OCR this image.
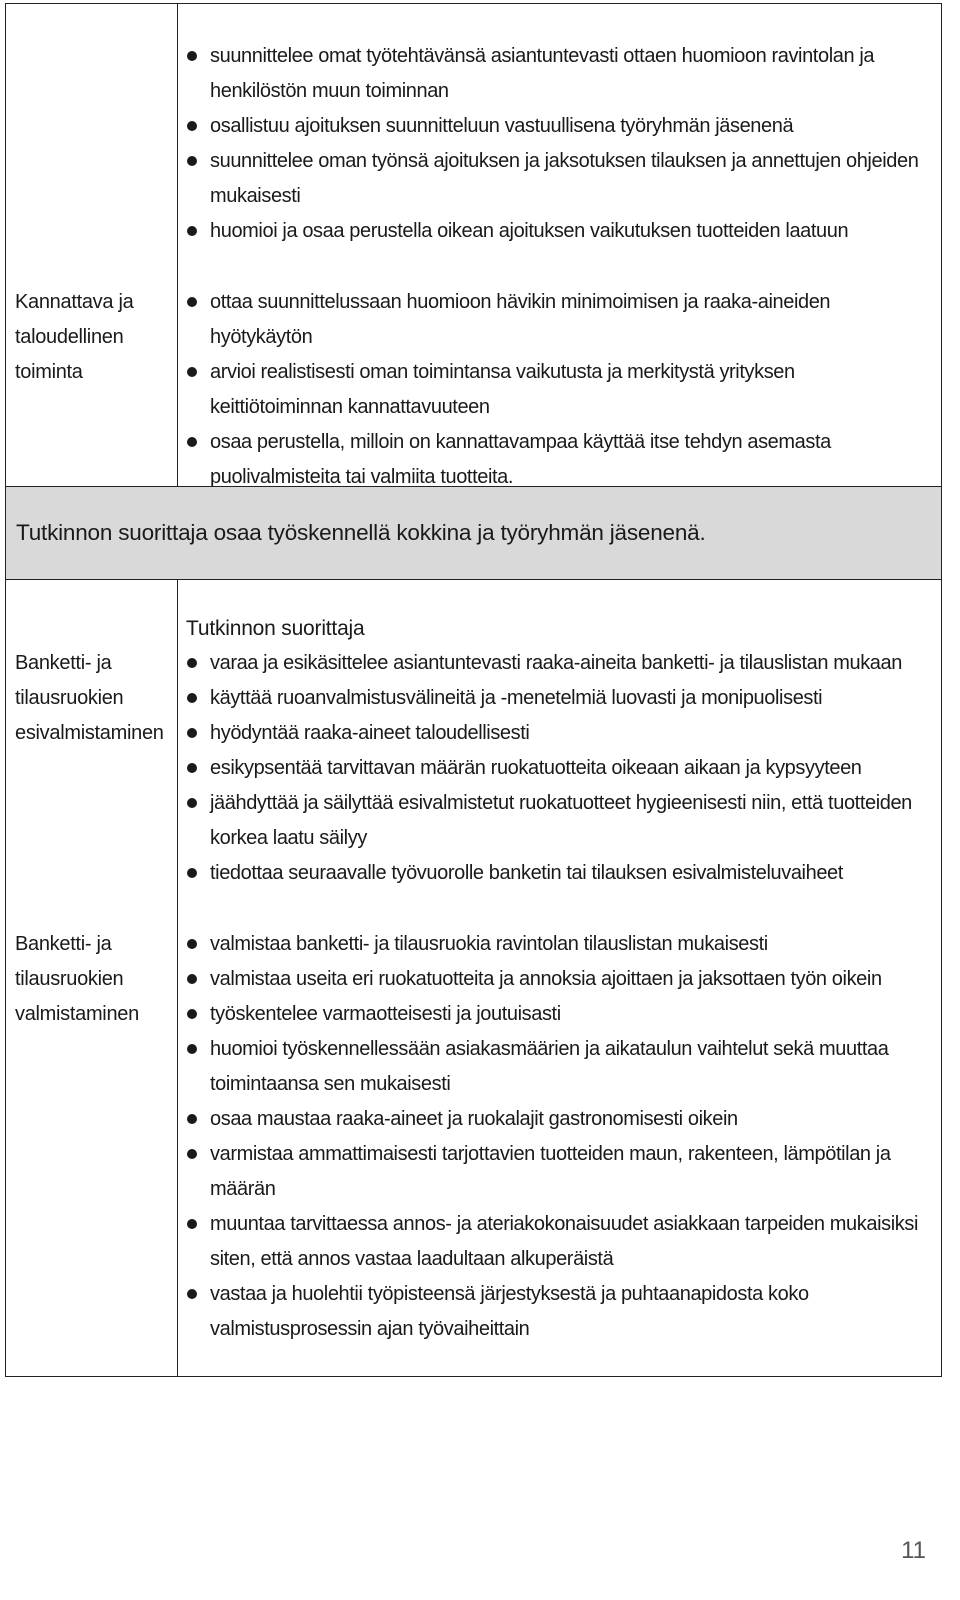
Kannattava ja taloudellinen toiminta
suunnittelee omat työtehtävänsä asiantuntevasti ottaen huomioon ravintolan ja henkilöstön muun toiminnan
osallistuu ajoituksen suunnitteluun vastuullisena työryhmän jäsenenä
suunnittelee oman työnsä ajoituksen ja jaksotuksen tilauksen ja annettujen ohjeiden mukaisesti
huomioi ja osaa perustella oikean ajoituksen vaikutuksen tuotteiden laatuun
ottaa suunnittelussaan huomioon hävikin minimoimisen ja raaka-aineiden hyötykäytön
arvioi realistisesti oman toimintansa vaikutusta ja merkitystä yrityksen keittiötoiminnan kannattavuuteen
osaa perustella, milloin on kannattavampaa käyttää itse tehdyn asemasta puolivalmisteita tai valmiita tuotteita.
Tutkinnon suorittaja osaa työskennellä kokkina ja työryhmän jäsenenä.
Banketti- ja tilausruokien esivalmistaminen
Banketti- ja tilausruokien valmistaminen
Tutkinnon suorittaja
varaa ja esikäsittelee asiantuntevasti raaka-aineita banketti- ja tilauslistan mukaan
käyttää ruoanvalmistusvälineitä ja -menetelmiä luovasti ja monipuolisesti
hyödyntää raaka-aineet taloudellisesti
esikypsentää tarvittavan määrän ruokatuotteita oikeaan aikaan ja kypsyyteen
jäähdyttää ja säilyttää esivalmistetut ruokatuotteet hygieenisesti niin, että tuotteiden korkea laatu säilyy
tiedottaa seuraavalle työvuorolle banketin tai tilauksen esivalmisteluvaiheet
valmistaa banketti- ja tilausruokia ravintolan tilauslistan mukaisesti
valmistaa useita eri ruokatuotteita ja annoksia ajoittaen ja jaksottaen työn oikein
työskentelee varmaotteisesti ja joutuisasti
huomioi työskennellessään asiakasmäärien ja aikataulun vaihtelut sekä muuttaa toimintaansa sen mukaisesti
osaa maustaa raaka-aineet ja ruokalajit gastronomisesti oikein
varmistaa ammattimaisesti tarjottavien tuotteiden maun, rakenteen, lämpötilan ja määrän
muuntaa tarvittaessa annos- ja ateriakokonaisuudet asiakkaan tarpeiden mukaisiksi siten, että annos vastaa laadultaan alkuperäistä
vastaa ja huolehtii työpisteensä järjestyksestä ja puhtaanapidosta koko valmistusprosessin ajan työvaiheittain
11
